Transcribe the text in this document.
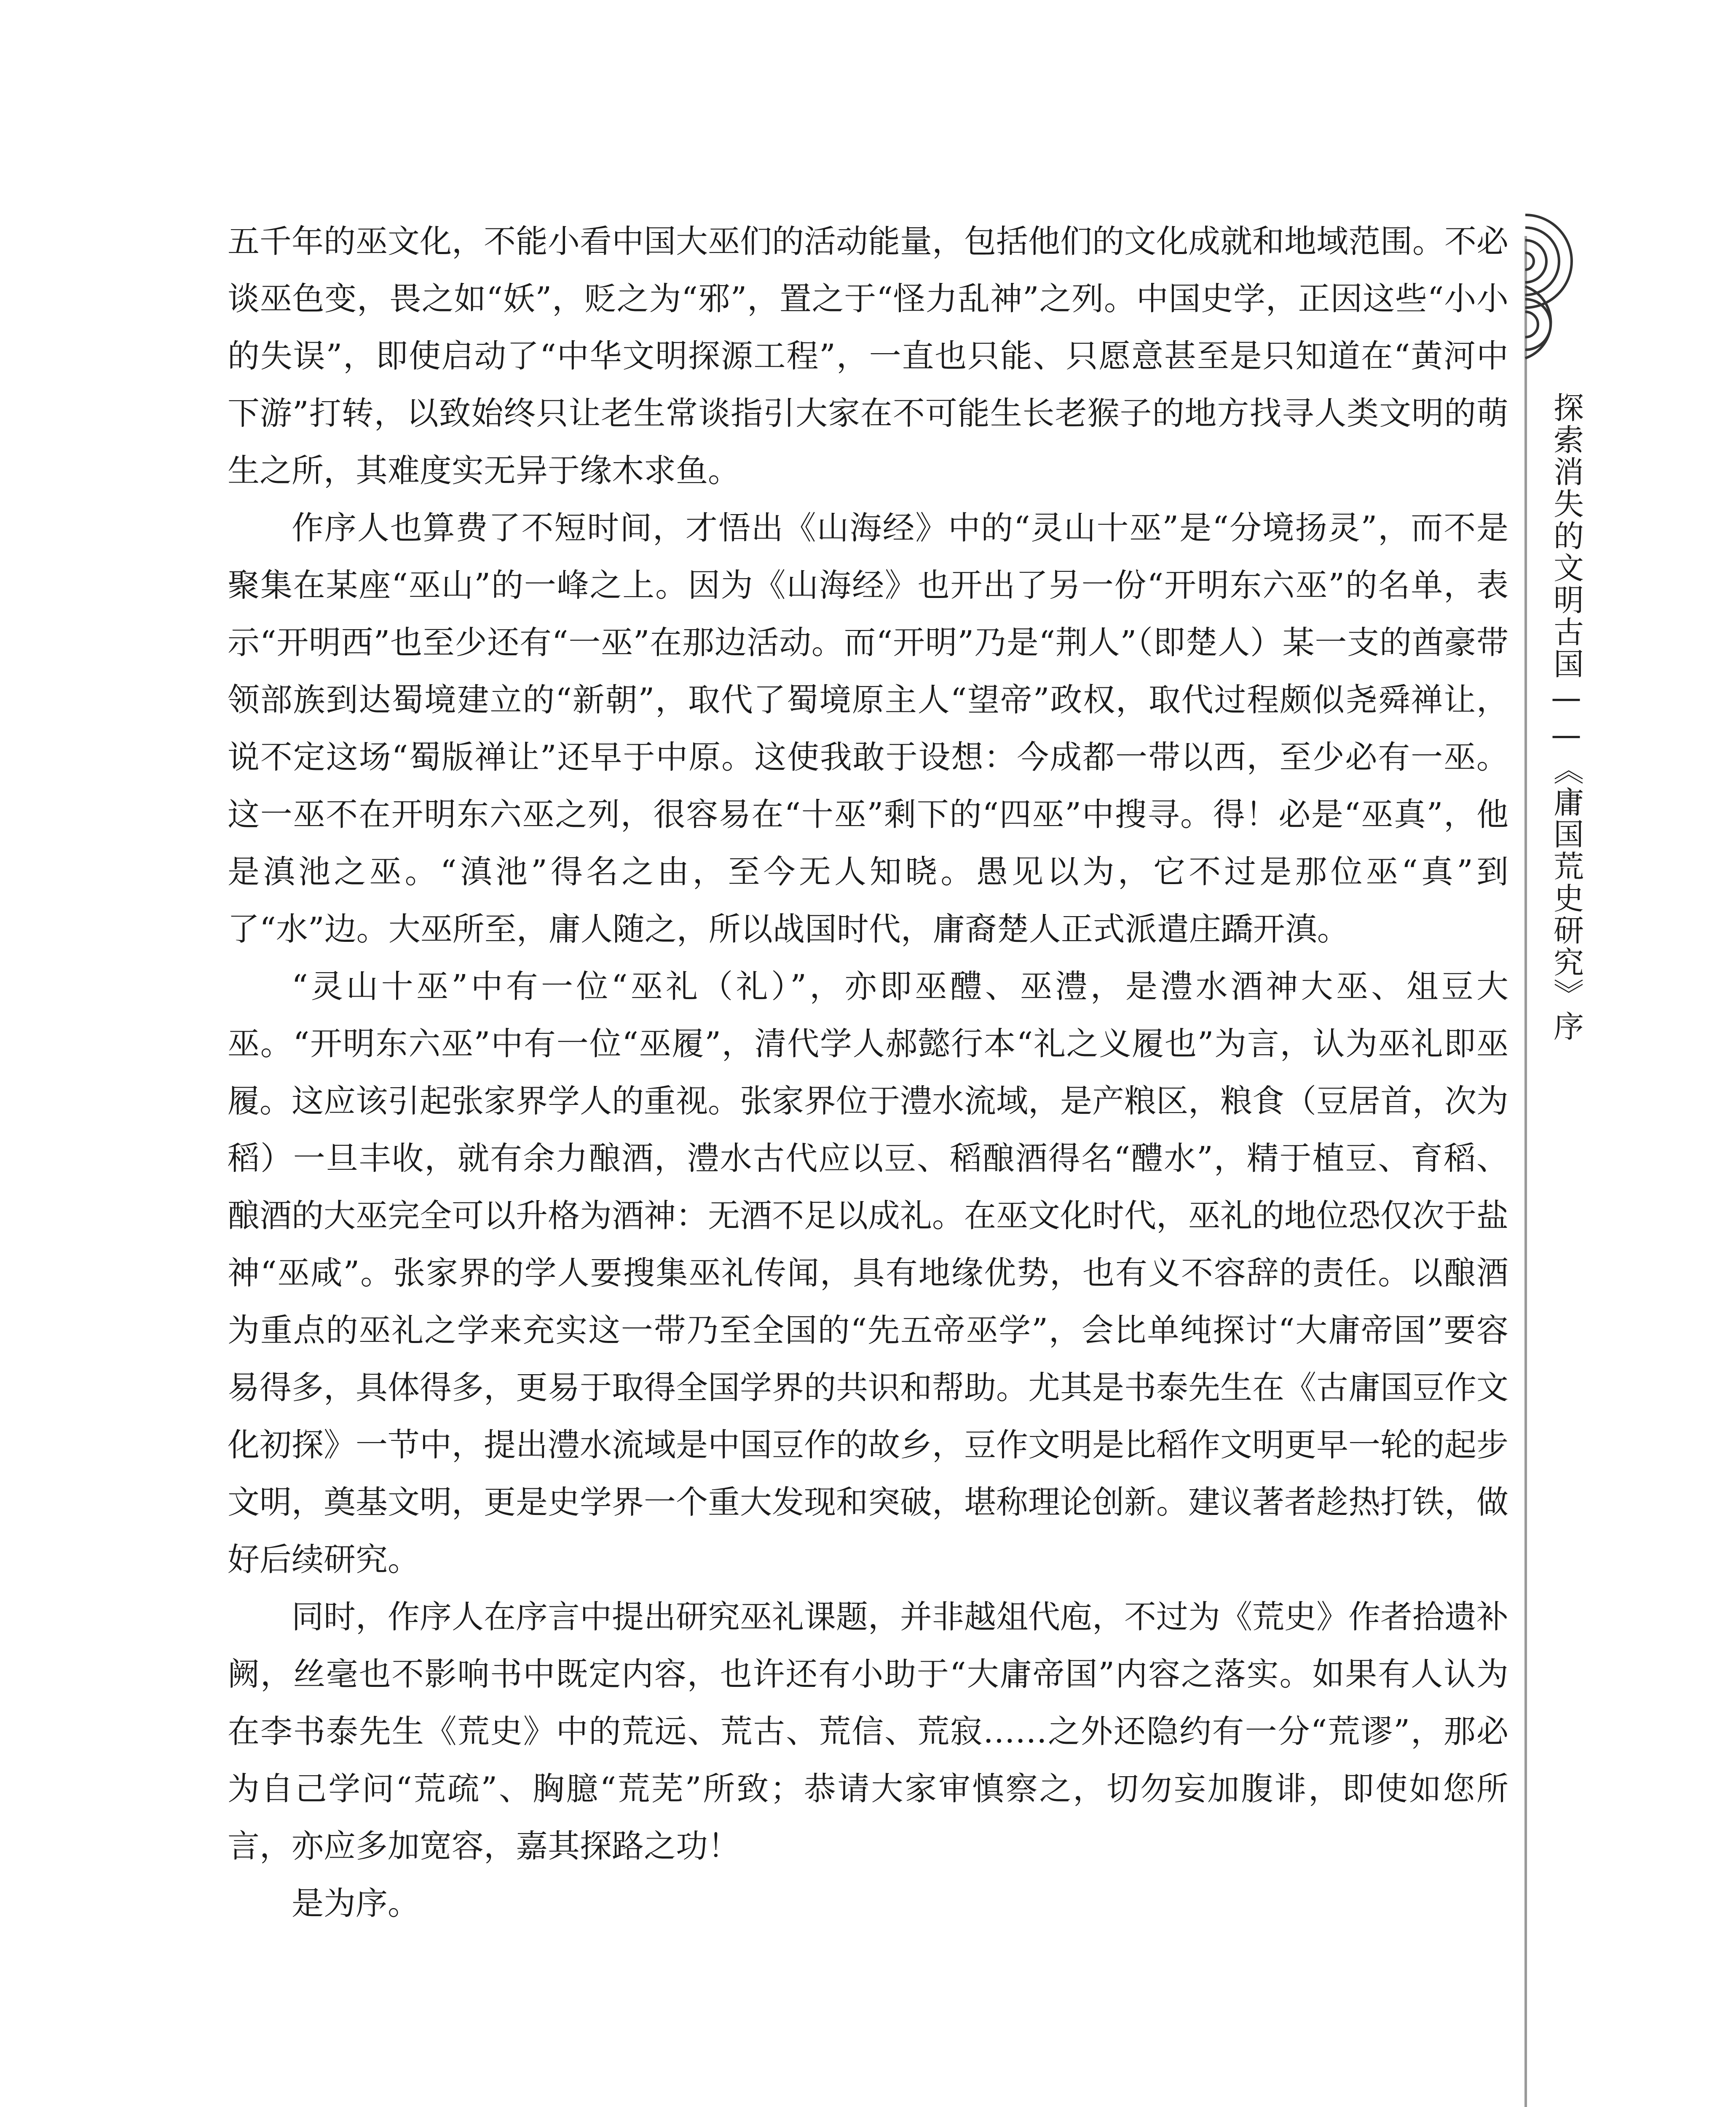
五千年的巫文化，不能小看中国大巫们的活动能量，包括他们的文化成就和地域范围。不必谈巫色变，畏之如“妖”，贬之为“邪”，置之于“怪力乱神”之列。中国史学，正因这些“小小的失误”，即使启动了“中华文明探源工程”，一直也只能、只愿意甚至是只知道在“黄河中下游”打转，以致始终只让老生常谈指引大家在不可能生长老猴子的地方找寻人类文明的萌生之所，其难度实无异于缘木求鱼。

作序人也算费了不短时间，才悟出《山海经》中的“灵山十巫”是“分境扬灵”，而不是聚集在某座“巫山”的一峰之上。因为《山海经》也开出了另一份“开明东六巫”的名单，表示“开明西”也至少还有“一巫”在那边活动。而“开明”乃是“荆人”（即楚人）某一支的酋豪带领部族到达蜀境建立的“新朝”，取代了蜀境原主人“望帝”政权，取代过程颇似尧舜禅让，说不定这场“蜀版禅让”还早于中原。这使我敢于设想：今成都一带以西，至少必有一巫。这一巫不在开明东六巫之列，很容易在“十巫”剩下的“四巫”中搜寻。得！必是“巫真”，他是滇池之巫。“滇池”得名之由，至今无人知晓。愚见以为，它不过是那位巫“真”到了“水”边。大巫所至，庸人随之，所以战国时代，庸裔楚人正式派遣庄蹻开滇。

“灵山十巫”中有一位“巫礼（礼）”，亦即巫醴、巫澧，是澧水酒神大巫、俎豆大巫。“开明东六巫”中有一位“巫履”，清代学人郝懿行本“礼之义履也”为言，认为巫礼即巫履。这应该引起张家界学人的重视。张家界位于澧水流域，是产粮区，粮食（豆居首，次为稻）一旦丰收，就有余力酿酒，澧水古代应以豆、稻酿酒得名“醴水”，精于植豆、育稻、酿酒的大巫完全可以升格为酒神：无酒不足以成礼。在巫文化时代，巫礼的地位恐仅次于盐神“巫咸”。张家界的学人要搜集巫礼传闻，具有地缘优势，也有义不容辞的责任。以酿酒为重点的巫礼之学来充实这一带乃至全国的“先五帝巫学”，会比单纯探讨“大庸帝国”要容易得多，具体得多，更易于取得全国学界的共识和帮助。尤其是书泰先生在《古庸国豆作文化初探》一节中，提出澧水流域是中国豆作的故乡，豆作文明是比稻作文明更早一轮的起步文明，奠基文明，更是史学界一个重大发现和突破，堪称理论创新。建议著者趁热打铁，做好后续研究。

同时，作序人在序言中提出研究巫礼课题，并非越俎代庖，不过为《荒史》作者拾遗补阙，丝毫也不影响书中既定内容，也许还有小助于“大庸帝国”内容之落实。如果有人认为在李书泰先生《荒史》中的荒远、荒古、荒信、荒寂……之外还隐约有一分“荒谬”，那必为自己学问“荒疏”、胸臆“荒芜”所致；恭请大家审慎察之，切勿妄加腹诽，即使如您所言，亦应多加宽容，嘉其探路之功！

是为序。

探索消失的文明古国——《庸国荒史研究》序
